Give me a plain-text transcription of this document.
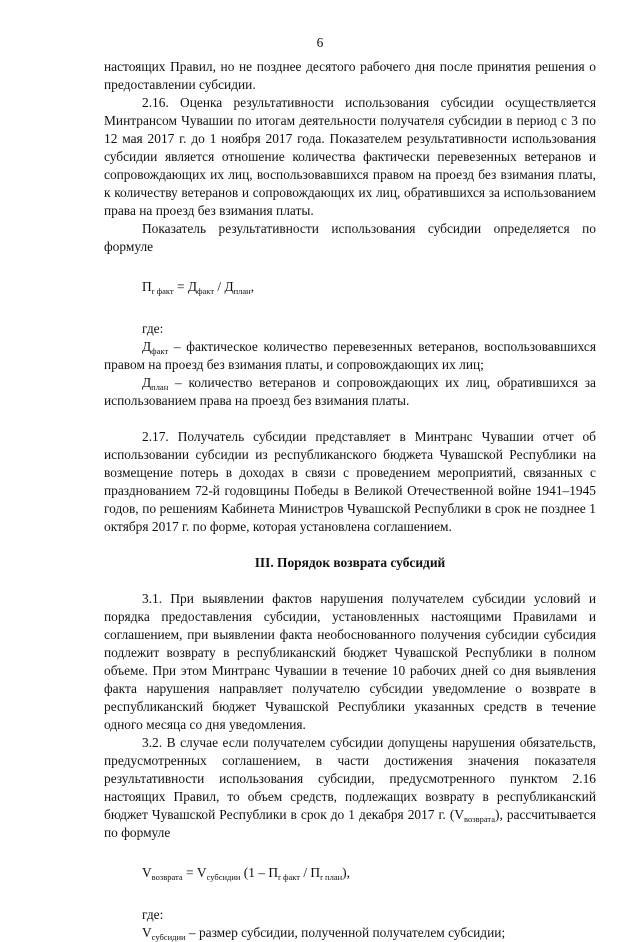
6

настоящих Правил, но не позднее десятого рабочего дня после принятия решения о предоставлении субсидии.

2.16. Оценка результативности использования субсидии осуществляется Минтрансом Чувашии по итогам деятельности получателя субсидии в период с 3 по 12 мая 2017 г. до 1 ноября 2017 года. Показателем результативности использования субсидии является отношение количества фактически перевезенных ветеранов и сопровождающих их лиц, воспользовавшихся правом на проезд без взимания платы, к количеству ветеранов и сопровождающих их лиц, обратившихся за использованием права на проезд без взимания платы.

Показатель результативности использования субсидии определяется по формуле

$П_{r факт} = Д_{факт} / Д_{план}$,

где:

$Д_{факт}$ – фактическое количество перевезенных ветеранов, воспользовавшихся правом на проезд без взимания платы, и сопровождающих их лиц;

$Д_{план}$ – количество ветеранов и сопровождающих их лиц, обратившихся за использованием права на проезд без взимания платы.

2.17. Получатель субсидии представляет в Минтранс Чувашии отчет об использовании субсидии из республиканского бюджета Чувашской Республики на возмещение потерь в доходах в связи с проведением мероприятий, связанных с празднованием 72-й годовщины Победы в Великой Отечественной войне 1941–1945 годов, по решениям Кабинета Министров Чувашской Республики в срок не позднее 1 октября 2017 г. по форме, которая установлена соглашением.

III. Порядок возврата субсидий

3.1. При выявлении фактов нарушения получателем субсидии условий и порядка предоставления субсидии, установленных настоящими Правилами и соглашением, при выявлении факта необоснованного получения субсидии субсидия подлежит возврату в республиканский бюджет Чувашской Республики в полном объеме. При этом Минтранс Чувашии в течение 10 рабочих дней со дня выявления факта нарушения направляет получателю субсидии уведомление о возврате в республиканский бюджет Чувашской Республики указанных средств в течение одного месяца со дня уведомления.

3.2. В случае если получателем субсидии допущены нарушения обязательств, предусмотренных соглашением, в части достижения значения показателя результативности использования субсидии, предусмотренного пунктом 2.16 настоящих Правил, то объем средств, подлежащих возврату в республиканский бюджет Чувашской Республики в срок до 1 декабря 2017 г. $(V_{возврата})$, рассчитывается по формуле

$V_{возврата} = V_{субсидии}$ $(1 - П_{r факт} / П_{r план})$,

где:

$V_{субсидии}$ – размер субсидии, полученной получателем субсидии;
